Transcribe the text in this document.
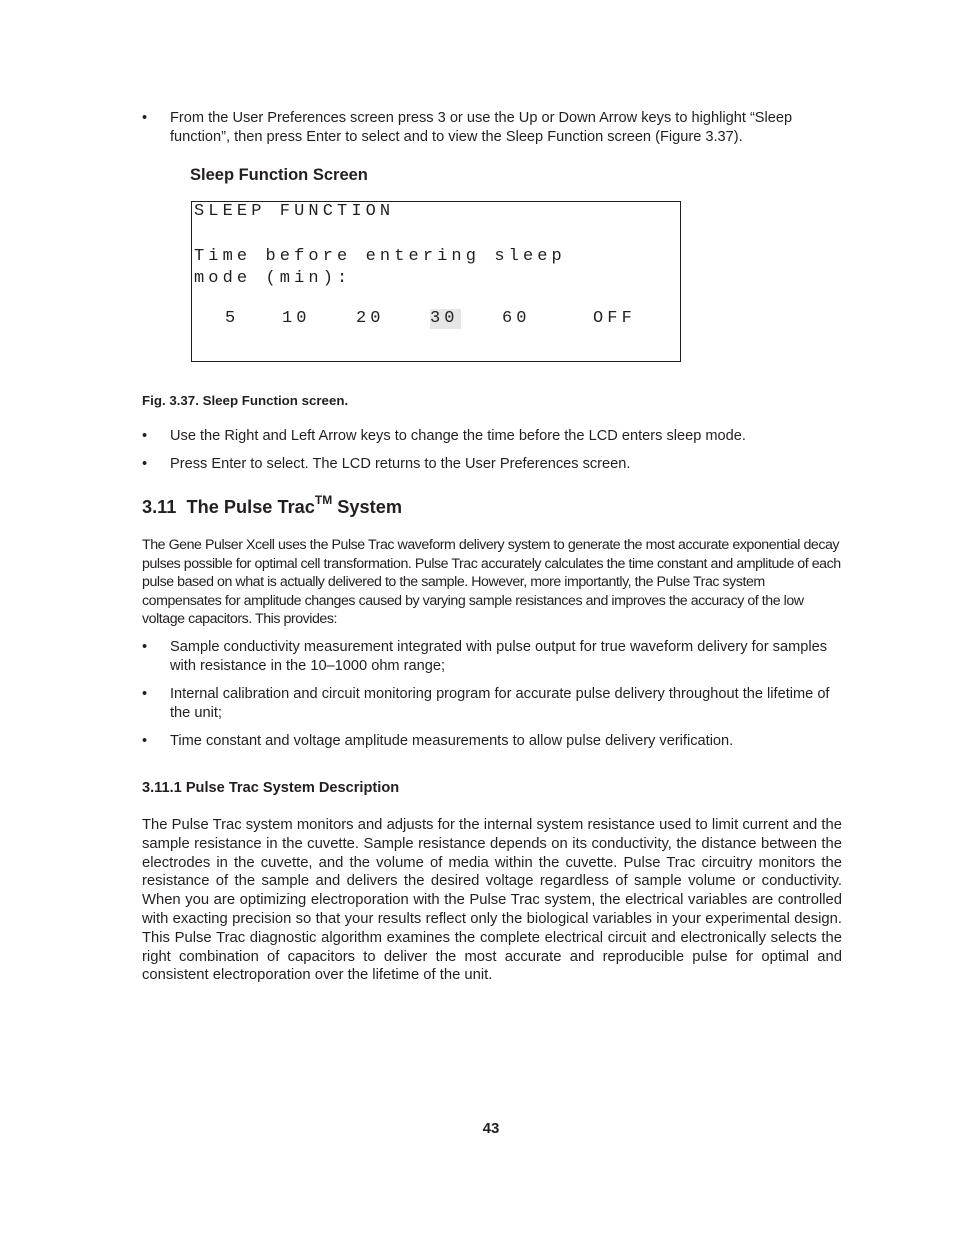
• From the User Preferences screen press 3 or use the Up or Down Arrow keys to highlight “Sleep function”, then press Enter to select and to view the Sleep Function screen (Figure 3.37).
Sleep Function Screen

SLEEP FUNCTION

Time before entering sleep

mode (min):

5	10	20	30	60	OFF
Fig. 3.37. Sleep Function screen.
• Use the Right and Left Arrow keys to change the time before the LCD enters sleep mode.
• Press Enter to select. The LCD returns to the User Preferences screen.
3.11 The Pulse Trac™ System
The Gene Pulser Xcell uses the Pulse Trac waveform delivery system to generate the most accurate exponential decay pulses possible for optimal cell transformation. Pulse Trac accurately calculates the time constant and amplitude of each pulse based on what is actually delivered to the sample. However, more importantly, the Pulse Trac system compensates for amplitude changes caused by varying sample resistances and improves the accuracy of the low voltage capacitors. This provides:
• Sample conductivity measurement integrated with pulse output for true waveform delivery for samples with resistance in the 10–1000 ohm range;
• Internal calibration and circuit monitoring program for accurate pulse delivery throughout the lifetime of the unit;
• Time constant and voltage amplitude measurements to allow pulse delivery verification.
3.11.1 Pulse Trac System Description
The Pulse Trac system monitors and adjusts for the internal system resistance used to limit current and the sample resistance in the cuvette. Sample resistance depends on its conductivity, the distance between the electrodes in the cuvette, and the volume of media within the cuvette. Pulse Trac circuitry monitors the resistance of the sample and delivers the desired voltage regardless of sample volume or conductivity. When you are optimizing electroporation with the Pulse Trac system, the electrical variables are controlled with exacting precision so that your results reflect only the biological variables in your experimental design. This Pulse Trac diagnostic algorithm examines the complete electrical circuit and electronically selects the right combination of capacitors to deliver the most accurate and reproducible pulse for optimal and consistent electroporation over the lifetime of the unit.
43
